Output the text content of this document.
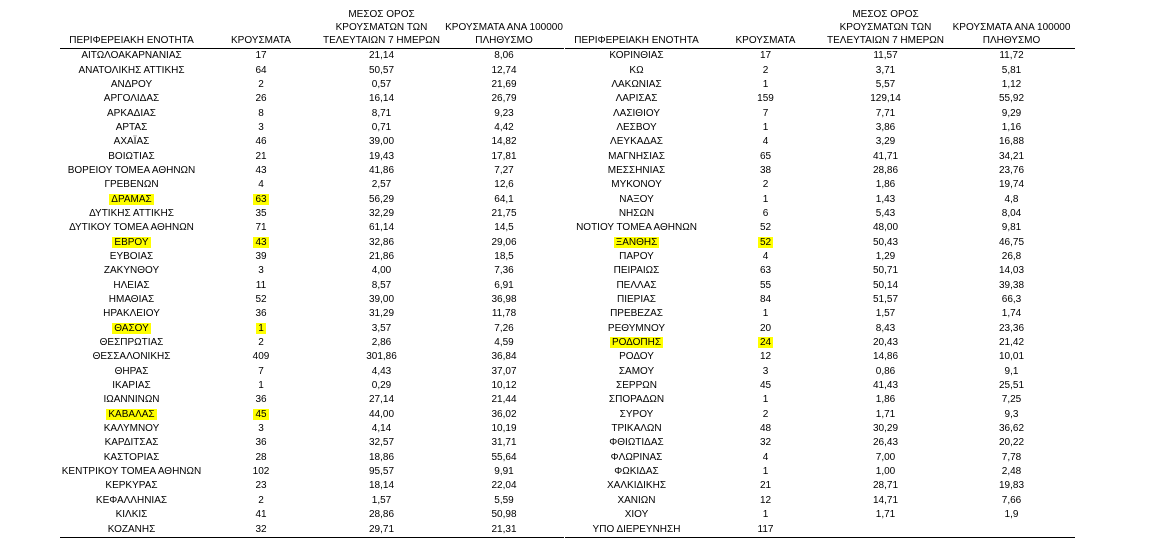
ΠΕΡΙΦΕΡΕΙΑΚΗ ΕΝΟΤΗΤΑ	ΚΡΟΥΣΜΑΤΑ	ΜΕΣΟΣ ΟΡΟΣ ΚΡΟΥΣΜΑΤΩΝ ΤΩΝ ΤΕΛΕΥΤΑΙΩΝ 7 ΗΜΕΡΩΝ	ΚΡΟΥΣΜΑΤΑ ΑΝΑ 100000 ΠΛΗΘΥΣΜΟ
ΑΙΤΩΛΟΑΚΑΡΝΑΝΙΑΣ	17	21,14	8,06
ΑΝΑΤΟΛΙΚΗΣ ΑΤΤΙΚΗΣ	64	50,57	12,74
ΑΝΔΡΟΥ	2	0,57	21,69
ΑΡΓΟΛΙΔΑΣ	26	16,14	26,79
ΑΡΚΑΔΙΑΣ	8	8,71	9,23
ΑΡΤΑΣ	3	0,71	4,42
ΑΧΑΪΑΣ	46	39,00	14,82
ΒΟΙΩΤΙΑΣ	21	19,43	17,81
ΒΟΡΕΙΟΥ ΤΟΜΕΑ ΑΘΗΝΩΝ	43	41,86	7,27
ΓΡΕΒΕΝΩΝ	4	2,57	12,6
ΔΡΑΜΑΣ	63	56,29	64,1
ΔΥΤΙΚΗΣ ΑΤΤΙΚΗΣ	35	32,29	21,75
ΔΥΤΙΚΟΥ ΤΟΜΕΑ ΑΘΗΝΩΝ	71	61,14	14,5
ΕΒΡΟΥ	43	32,86	29,06
ΕΥΒΟΙΑΣ	39	21,86	18,5
ΖΑΚΥΝΘΟΥ	3	4,00	7,36
ΗΛΕΙΑΣ	11	8,57	6,91
ΗΜΑΘΙΑΣ	52	39,00	36,98
ΗΡΑΚΛΕΙΟΥ	36	31,29	11,78
ΘΑΣΟΥ	1	3,57	7,26
ΘΕΣΠΡΩΤΙΑΣ	2	2,86	4,59
ΘΕΣΣΑΛΟΝΙΚΗΣ	409	301,86	36,84
ΘΗΡΑΣ	7	4,43	37,07
ΙΚΑΡΙΑΣ	1	0,29	10,12
ΙΩΑΝΝΙΝΩΝ	36	27,14	21,44
ΚΑΒΑΛΑΣ	45	44,00	36,02
ΚΑΛΥΜΝΟΥ	3	4,14	10,19
ΚΑΡΔΙΤΣΑΣ	36	32,57	31,71
ΚΑΣΤΟΡΙΑΣ	28	18,86	55,64
ΚΕΝΤΡΙΚΟΥ ΤΟΜΕΑ ΑΘΗΝΩΝ	102	95,57	9,91
ΚΕΡΚΥΡΑΣ	23	18,14	22,04
ΚΕΦΑΛΛΗΝΙΑΣ	2	1,57	5,59
ΚΙΛΚΙΣ	41	28,86	50,98
ΚΟΖΑΝΗΣ	32	29,71	21,31
ΠΕΡΙΦΕΡΕΙΑΚΗ ΕΝΟΤΗΤΑ	ΚΡΟΥΣΜΑΤΑ	ΜΕΣΟΣ ΟΡΟΣ ΚΡΟΥΣΜΑΤΩΝ ΤΩΝ ΤΕΛΕΥΤΑΙΩΝ 7 ΗΜΕΡΩΝ	ΚΡΟΥΣΜΑΤΑ ΑΝΑ 100000 ΠΛΗΘΥΣΜΟ
ΚΟΡΙΝΘΙΑΣ	17	11,57	11,72
ΚΩ	2	3,71	5,81
ΛΑΚΩΝΙΑΣ	1	5,57	1,12
ΛΑΡΙΣΑΣ	159	129,14	55,92
ΛΑΣΙΘΙΟΥ	7	7,71	9,29
ΛΕΣΒΟΥ	1	3,86	1,16
ΛΕΥΚΑΔΑΣ	4	3,29	16,88
ΜΑΓΝΗΣΙΑΣ	65	41,71	34,21
ΜΕΣΣΗΝΙΑΣ	38	28,86	23,76
ΜΥΚΟΝΟΥ	2	1,86	19,74
ΝΑΞΟΥ	1	1,43	4,8
ΝΗΣΩΝ	6	5,43	8,04
ΝΟΤΙΟΥ ΤΟΜΕΑ ΑΘΗΝΩΝ	52	48,00	9,81
ΞΑΝΘΗΣ	52	50,43	46,75
ΠΑΡΟΥ	4	1,29	26,8
ΠΕΙΡΑΙΩΣ	63	50,71	14,03
ΠΕΛΛΑΣ	55	50,14	39,38
ΠΙΕΡΙΑΣ	84	51,57	66,3
ΠΡΕΒΕΖΑΣ	1	1,57	1,74
ΡΕΘΥΜΝΟΥ	20	8,43	23,36
ΡΟΔΟΠΗΣ	24	20,43	21,42
ΡΟΔΟΥ	12	14,86	10,01
ΣΑΜΟΥ	3	0,86	9,1
ΣΕΡΡΩΝ	45	41,43	25,51
ΣΠΟΡΑΔΩΝ	1	1,86	7,25
ΣΥΡΟΥ	2	1,71	9,3
ΤΡΙΚΑΛΩΝ	48	30,29	36,62
ΦΘΙΩΤΙΔΑΣ	32	26,43	20,22
ΦΛΩΡΙΝΑΣ	4	7,00	7,78
ΦΩΚΙΔΑΣ	1	1,00	2,48
ΧΑΛΚΙΔΙΚΗΣ	21	28,71	19,83
ΧΑΝΙΩΝ	12	14,71	7,66
ΧΙΟΥ	1	1,71	1,9
ΥΠΟ ΔΙΕΡΕΥΝΗΣΗ	117		
